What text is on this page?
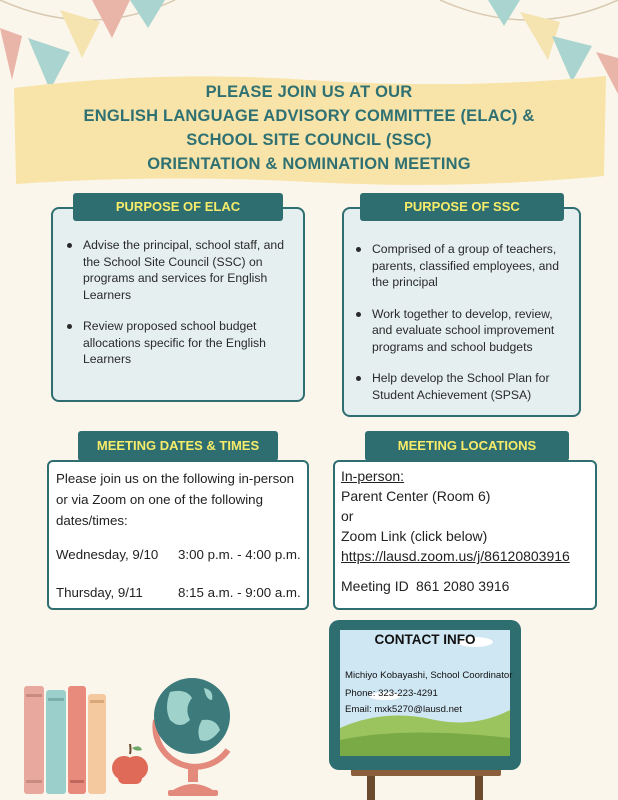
PLEASE JOIN US AT OUR
ENGLISH LANGUAGE ADVISORY COMMITTEE (ELAC) &
SCHOOL SITE COUNCIL (SSC)
ORIENTATION & NOMINATION MEETING
Advise the principal, school staff, and the School Site Council (SSC) on programs and services for English Learners
Review proposed school budget allocations specific for the English Learners
PURPOSE OF ELAC
Comprised of a group of teachers, parents, classified employees, and the principal
Work together to develop, review, and evaluate school improvement programs and school budgets
Help develop the School Plan for Student Achievement (SPSA)
PURPOSE OF SSC
MEETING DATES & TIMES
Please join us on the following in-person or via Zoom on one of the following dates/times:
Wednesday, 9/10	3:00 p.m. - 4:00 p.m.
Thursday, 9/11	8:15 a.m. - 9:00 a.m.
MEETING LOCATIONS
In-person:
Parent Center (Room 6)
or
Zoom Link (click below)
https://lausd.zoom.us/j/86120803916
Meeting ID 861 2080 3916
CONTACT INFO
Michiyo Kobayashi, School Coordinator
Phone: 323-223-4291
Email: mxk5270@lausd.net
